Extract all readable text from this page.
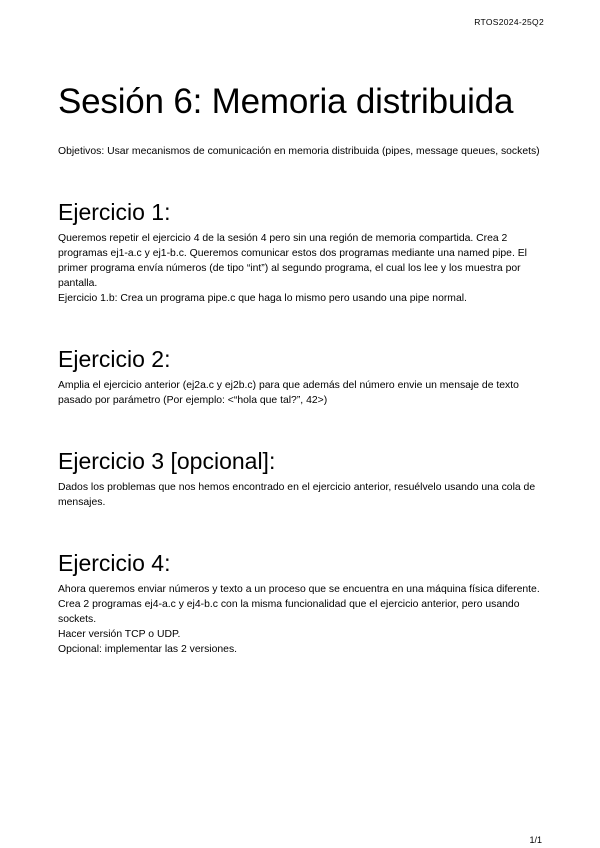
RTOS2024-25Q2
Sesión 6: Memoria distribuida

Objetivos: Usar mecanismos de comunicación en memoria distribuida (pipes, message queues, sockets)

Ejercicio 1:

Queremos repetir el ejercicio 4 de la sesión 4 pero sin una región de memoria compartida. Crea 2 programas ej1-a.c y ej1-b.c. Queremos comunicar estos dos programas mediante una named pipe. El primer programa envía números (de tipo “int”) al segundo programa, el cual los lee y los muestra por pantalla.

Ejercicio 1.b: Crea un programa pipe.c que haga lo mismo pero usando una pipe normal.

Ejercicio 2:

Amplia el ejercicio anterior (ej2a.c y ej2b.c) para que además del número envie un mensaje de texto pasado por parámetro (Por ejemplo: <“hola que tal?”, 42>)

Ejercicio 3 [opcional]:

Dados los problemas que nos hemos encontrado en el ejercicio anterior, resuélvelo usando una cola de mensajes.

Ejercicio 4:

Ahora queremos enviar números y texto a un proceso que se encuentra en una máquina física diferente. Crea 2 programas ej4-a.c y ej4-b.c con la misma funcionalidad que el ejercicio anterior, pero usando sockets.

Hacer versión TCP o UDP.

Opcional: implementar las 2 versiones.

1/1
